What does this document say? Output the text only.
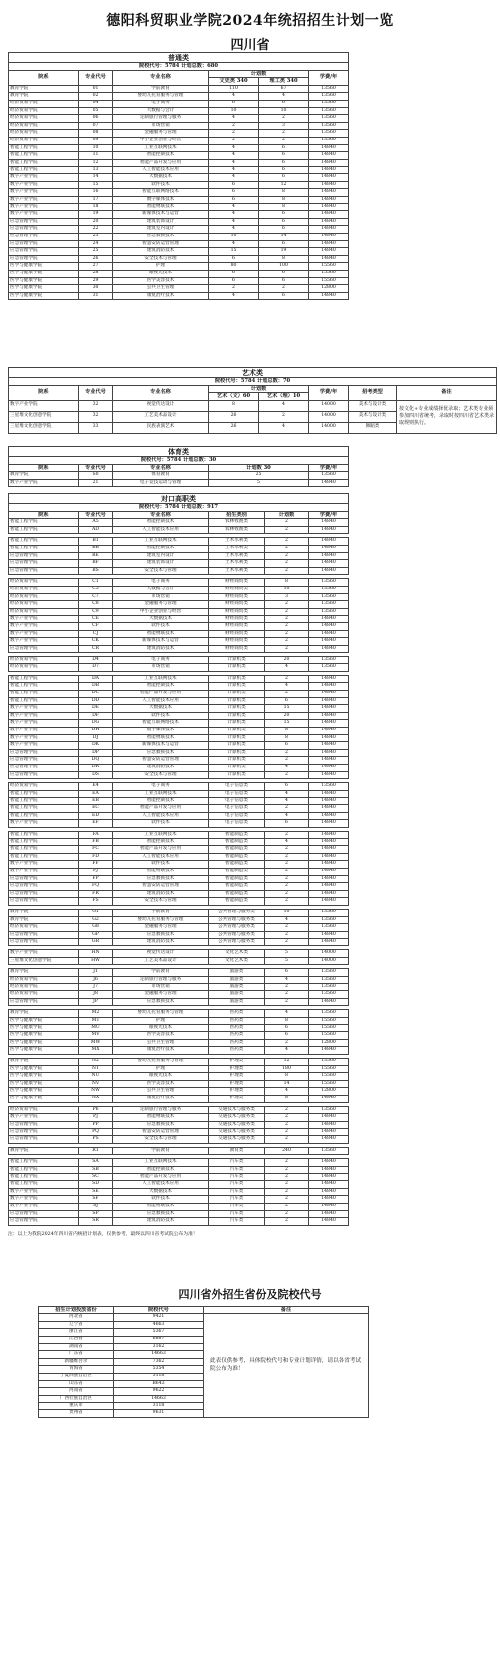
德阳科贸职业学院2024年统招招生计划一览
四川省
普通类					
院校代号：5784 计划总数：680					
院系	专业代号	专业名称	计划数		学费/年
			文史类 340	理工类 340	
教育学院	01	学前教育	110	67	13560
教育学院	02	婴幼儿托育服务与管理	4	4	13560
经济贸易学院	04	电子商务	6	6	13560
经济贸易学院	05	大数据与会计	10	10	13560
经济贸易学院	06	定制旅行管理与服务	4	2	13560
经济贸易学院	07	市场营销	2	3	13560
经济贸易学院	08	金融服务与管理	2	2	13560
经济贸易学院	09	中小企业创业与经营	2	2	13560
智能工程学院	10	工业互联网技术	4	6	14840
智能工程学院	11	智能控制技术	4	6	14840
智能工程学院	12	智能产品开发与应用	4	6	14840
智能工程学院	13	人工智能技术应用	4	6	14840
数字产业学院	14	大数据技术	4	6	14840
数字产业学院	15	软件技术	6	12	14840
数字产业学院	16	智能互联网络技术	6	8	14840
数字产业学院	17	数字媒体技术	6	8	14840
数字产业学院	18	智能物联技术	4	8	14840
数字产业学院	19	新媒体技术与运营	4	6	14840
应急管理学院	20	建筑装饰设计	4	6	14840
应急管理学院	22	建筑室内设计	4	6	14840
应急管理学院	23	应急救援技术	10	14	14840
应急管理学院	24	智慧安防运营管理	4	6	14840
应急管理学院	25	建筑消防技术	15	19	14840
应急管理学院	26	安全技术与管理	6	8	14840
医学与健康学院	27	护理	80	100	15560
医学与健康学院	28	眼视光技术	6	6	15560
医学与健康学院	29	医学美容技术	6	6	15560
医学与健康学院	30	公共卫生管理	2	2	12800
医学与健康学院	31	康复治疗技术	4	6	14840
艺术类							
院校代号：5784 计划总数：70							
院系	专业代号	专业名称	计划数		学费/年	招考类型	备注
			艺术（文）60	艺术（理）10			
数字产业学院	32	视觉传达设计	8	4	14000	美术与设计类	按文化+专业成绩择优录取；艺术类专业须参加四川省统考，录取时按四川省艺术类录取规则执行。
三星堆文化创意学院	32	工艺美术品设计	26	2	14000	美术与设计类	
三星堆文化创意学院	33	民族表演艺术	26	4	14000	舞蹈类	
体育类				
院校代号：5784 计划总数：30				
院系	专业代号	专业名称	计划数 30	学费/年
教育学院	S0	体育教育	25	13560
数字产业学院	21	电子竞技运动与管理	5	14840
对口高职类					
院校代号：5784 计划总数：917					
院系	专业代号	专业名称	招生类别	计划数	学费/年
智能工程学院	A5	智能控制技术	农林牧渔类	2	14840
智能工程学院	AD	人工智能技术应用	农林牧渔类	2	14840

智能工程学院	B1	工业互联网技术	土木水利类	2	14840
智能工程学院	BB	智能控制技术	土木水利类	2	14840
应急管理学院	BE	建筑室内设计	土木水利类	2	14840
应急管理学院	BF	建筑装饰设计	土木水利类	2	14840
应急管理学院	BS	安全技术与管理	土木水利类	2	14840

经济贸易学院	C1	电子商务	财经商贸类	8	13560
经济贸易学院	C5	大数据与会计	财经商贸类	10	13560
经济贸易学院	C7	市场营销	财经商贸类	3	13560
经济贸易学院	C8	金融服务与管理	财经商贸类	2	13560
经济贸易学院	C9	中小企业创业与经营	财经商贸类	2	13560
数字产业学院	CE	大数据技术	财经商贸类	2	14840
数字产业学院	CF	软件技术	财经商贸类	2	14840
数字产业学院	CJ	智能物联技术	财经商贸类	2	14840
数字产业学院	CK	新媒体技术与运营	财经商贸类	2	14840
应急管理学院	CR	建筑消防技术	财经商贸类	2	14840

经济贸易学院	D4	电子商务	计算机类	20	13560
经济贸易学院	D7	市场营销	计算机类	4	13560

智能工程学院	DA	工业互联网技术	计算机类	2	14840
智能工程学院	DB	智能控制技术	计算机类	4	14840
智能工程学院	DC	智能产品开发与应用	计算机类	2	14840
智能工程学院	DD	人工智能技术应用	计算机类	6	14840
数字产业学院	DE	大数据技术	计算机类	15	14840
数字产业学院	DF	软件技术	计算机类	20	14840
数字产业学院	DG	智能互联网络技术	计算机类	15	14840
数字产业学院	DH	数字媒体技术	计算机类	8	14840
数字产业学院	DJ	智能物联技术	计算机类	8	14840
数字产业学院	DK	新媒体技术与运营	计算机类	6	14840
应急管理学院	DP	应急救援技术	计算机类	2	14840
应急管理学院	DQ	智慧安防运营管理	计算机类	2	14840
应急管理学院	DR	建筑消防技术	计算机类	4	14840
应急管理学院	DS	安全技术与管理	计算机类	2	14840

经济贸易学院	E4	电子商务	电子信息类	6	13560
智能工程学院	EA	工业互联网技术	电子信息类	4	14840
智能工程学院	EB	智能控制技术	电子信息类	4	14840
智能工程学院	EC	智能产品开发与应用	电子信息类	2	14840
智能工程学院	ED	人工智能技术应用	电子信息类	4	14840
数字产业学院	EF	软件技术	电子信息类	6	14840

智能工程学院	FA	工业互联网技术	智能制造类	2	14840
智能工程学院	FB	智能控制技术	智能制造类	4	14840
智能工程学院	FC	智能产品开发与应用	智能制造类	2	14840
智能工程学院	FD	人工智能技术应用	智能制造类	2	14840
数字产业学院	FF	软件技术	智能制造类	2	14840
数字产业学院	FJ	智能物联技术	智能制造类	2	14840
应急管理学院	FP	应急救援技术	智能制造类	2	14840
应急管理学院	FQ	智慧安防运营管理	智能制造类	2	14840
应急管理学院	FR	建筑消防技术	智能制造类	2	14840
应急管理学院	FS	安全技术与管理	智能制造类	2	14840

教育学院	G1	学前教育	公共管理与服务类	10	13560
教育学院	G2	婴幼儿托育服务与管理	公共管理与服务类	4	13560
经济贸易学院	G8	金融服务与管理	公共管理与服务类	2	13560
应急管理学院	GP	应急救援技术	公共管理与服务类	2	14840
应急管理学院	GR	建筑消防技术	公共管理与服务类	2	14840

数字产业学院	HN	视觉传达设计	文化艺术类	5	14000
三星堆文化创意学院	HW	工艺美术品设计	文化艺术类	5	14000

教育学院	J1	学前教育	旅游类	6	13560
经济贸易学院	J6	定制旅行管理与服务	旅游类	4	13560
经济贸易学院	J7	市场营销	旅游类	2	13560
经济贸易学院	J8	金融服务与管理	旅游类	2	13560
应急管理学院	JP	应急救援技术	旅游类	2	14840

教育学院	M2	婴幼儿托育服务与管理	医药类	4	13560
医学与健康学院	MT	护理	医药类	8	15560
医学与健康学院	MU	眼视光技术	医药类	6	15560
医学与健康学院	MV	医学美容技术	医药类	6	15560
医学与健康学院	MW	公共卫生管理	医药类	2	12800
医学与健康学院	MX	康复治疗技术	医药类	4	14840

教育学院	N2	婴幼儿托育服务与管理	护理类	12	13560
医学与健康学院	NT	护理	护理类	180	15560
医学与健康学院	NU	眼视光技术	护理类	8	15560
医学与健康学院	NV	医学美容技术	护理类	14	15560
医学与健康学院	NW	公共卫生管理	护理类	4	12800
医学与健康学院	NX	康复治疗技术	护理类	8	14840

经济贸易学院	P6	定制旅行管理与服务	交通技术与服务类	2	13560
数字产业学院	PJ	智能物联技术	交通技术与服务类	2	14840
应急管理学院	PP	应急救援技术	交通技术与服务类	2	14840
应急管理学院	PQ	智慧安防运营管理	交通技术与服务类	2	14840
应急管理学院	PS	安全技术与管理	交通技术与服务类	2	14840

教育学院	R1	学前教育	教育类	240	13560

智能工程学院	SA	工业互联网技术	汽车类	2	14840
智能工程学院	SB	智能控制技术	汽车类	2	14840
智能工程学院	SC	智能产品开发与应用	汽车类	2	14840
智能工程学院	SD	人工智能技术应用	汽车类	2	14840
数字产业学院	SE	大数据技术	汽车类	2	14840
数字产业学院	SF	软件技术	汽车类	2	14840
数字产业学院	SJ	智能物联技术	汽车类	2	14840
应急管理学院	SP	应急救援技术	汽车类	2	14840
应急管理学院	SR	建筑消防技术	汽车类	2	14840
注：以上为我院2024年四川省内统招计划表，仅供参考，最终以四川省考试院公布为准！
四川省外招生省份及院校代号
招生计划投放省份	院校代号	备注
河北省	9421	此表仅供参考，具体院校代号和专业计划详情，请以各省考试院公布为准！
辽宁省	4663	
浙江省	5367	
江西省	6887	
湖南省	3162	
广东省	14663	
新疆维吾尔	7362	
青海省	5354	
宁夏回族自治区	3118	
山东省	B643	
河南省	9622	
广西壮族自治区	14663	
重庆市	3118	
贵州省	9631	
